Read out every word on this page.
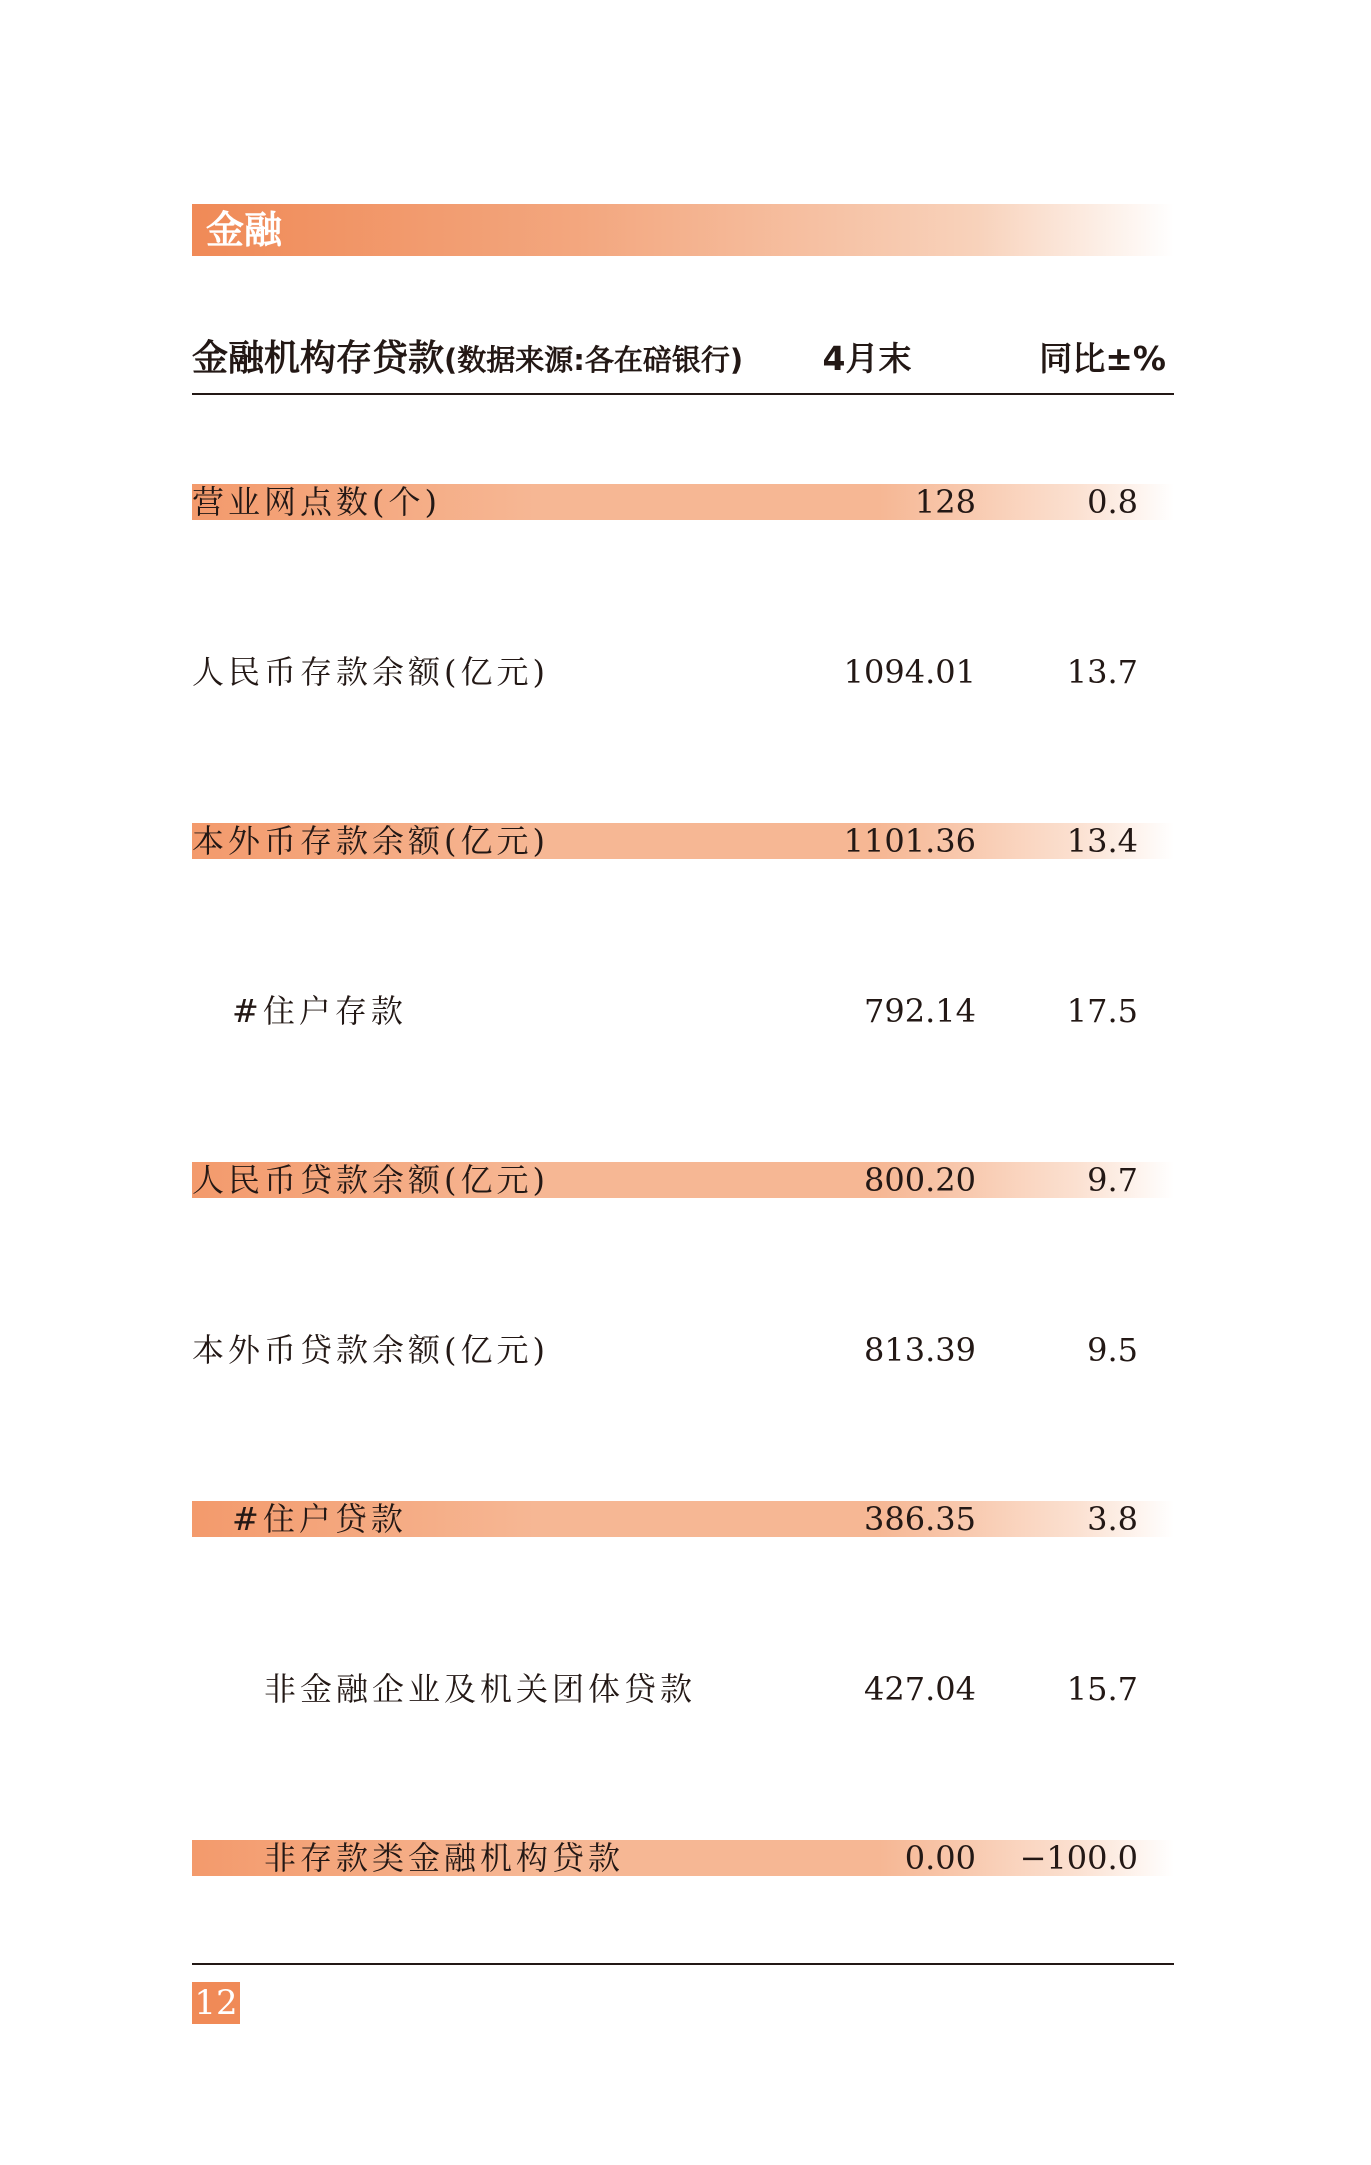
金融
金融机构存贷款(数据来源:各在碚银行)	4月末	同比±%
营业网点数(个)	128	0.8
人民币存款余额(亿元)	1094.01	13.7
本外币存款余额(亿元)	1101.36	13.4
#住户存款	792.14	17.5
人民币贷款余额(亿元)	800.20	9.7
本外币贷款余额(亿元)	813.39	9.5
#住户贷款	386.35	3.8
非金融企业及机关团体贷款	427.04	15.7
非存款类金融机构贷款	0.00 −100.0
12
